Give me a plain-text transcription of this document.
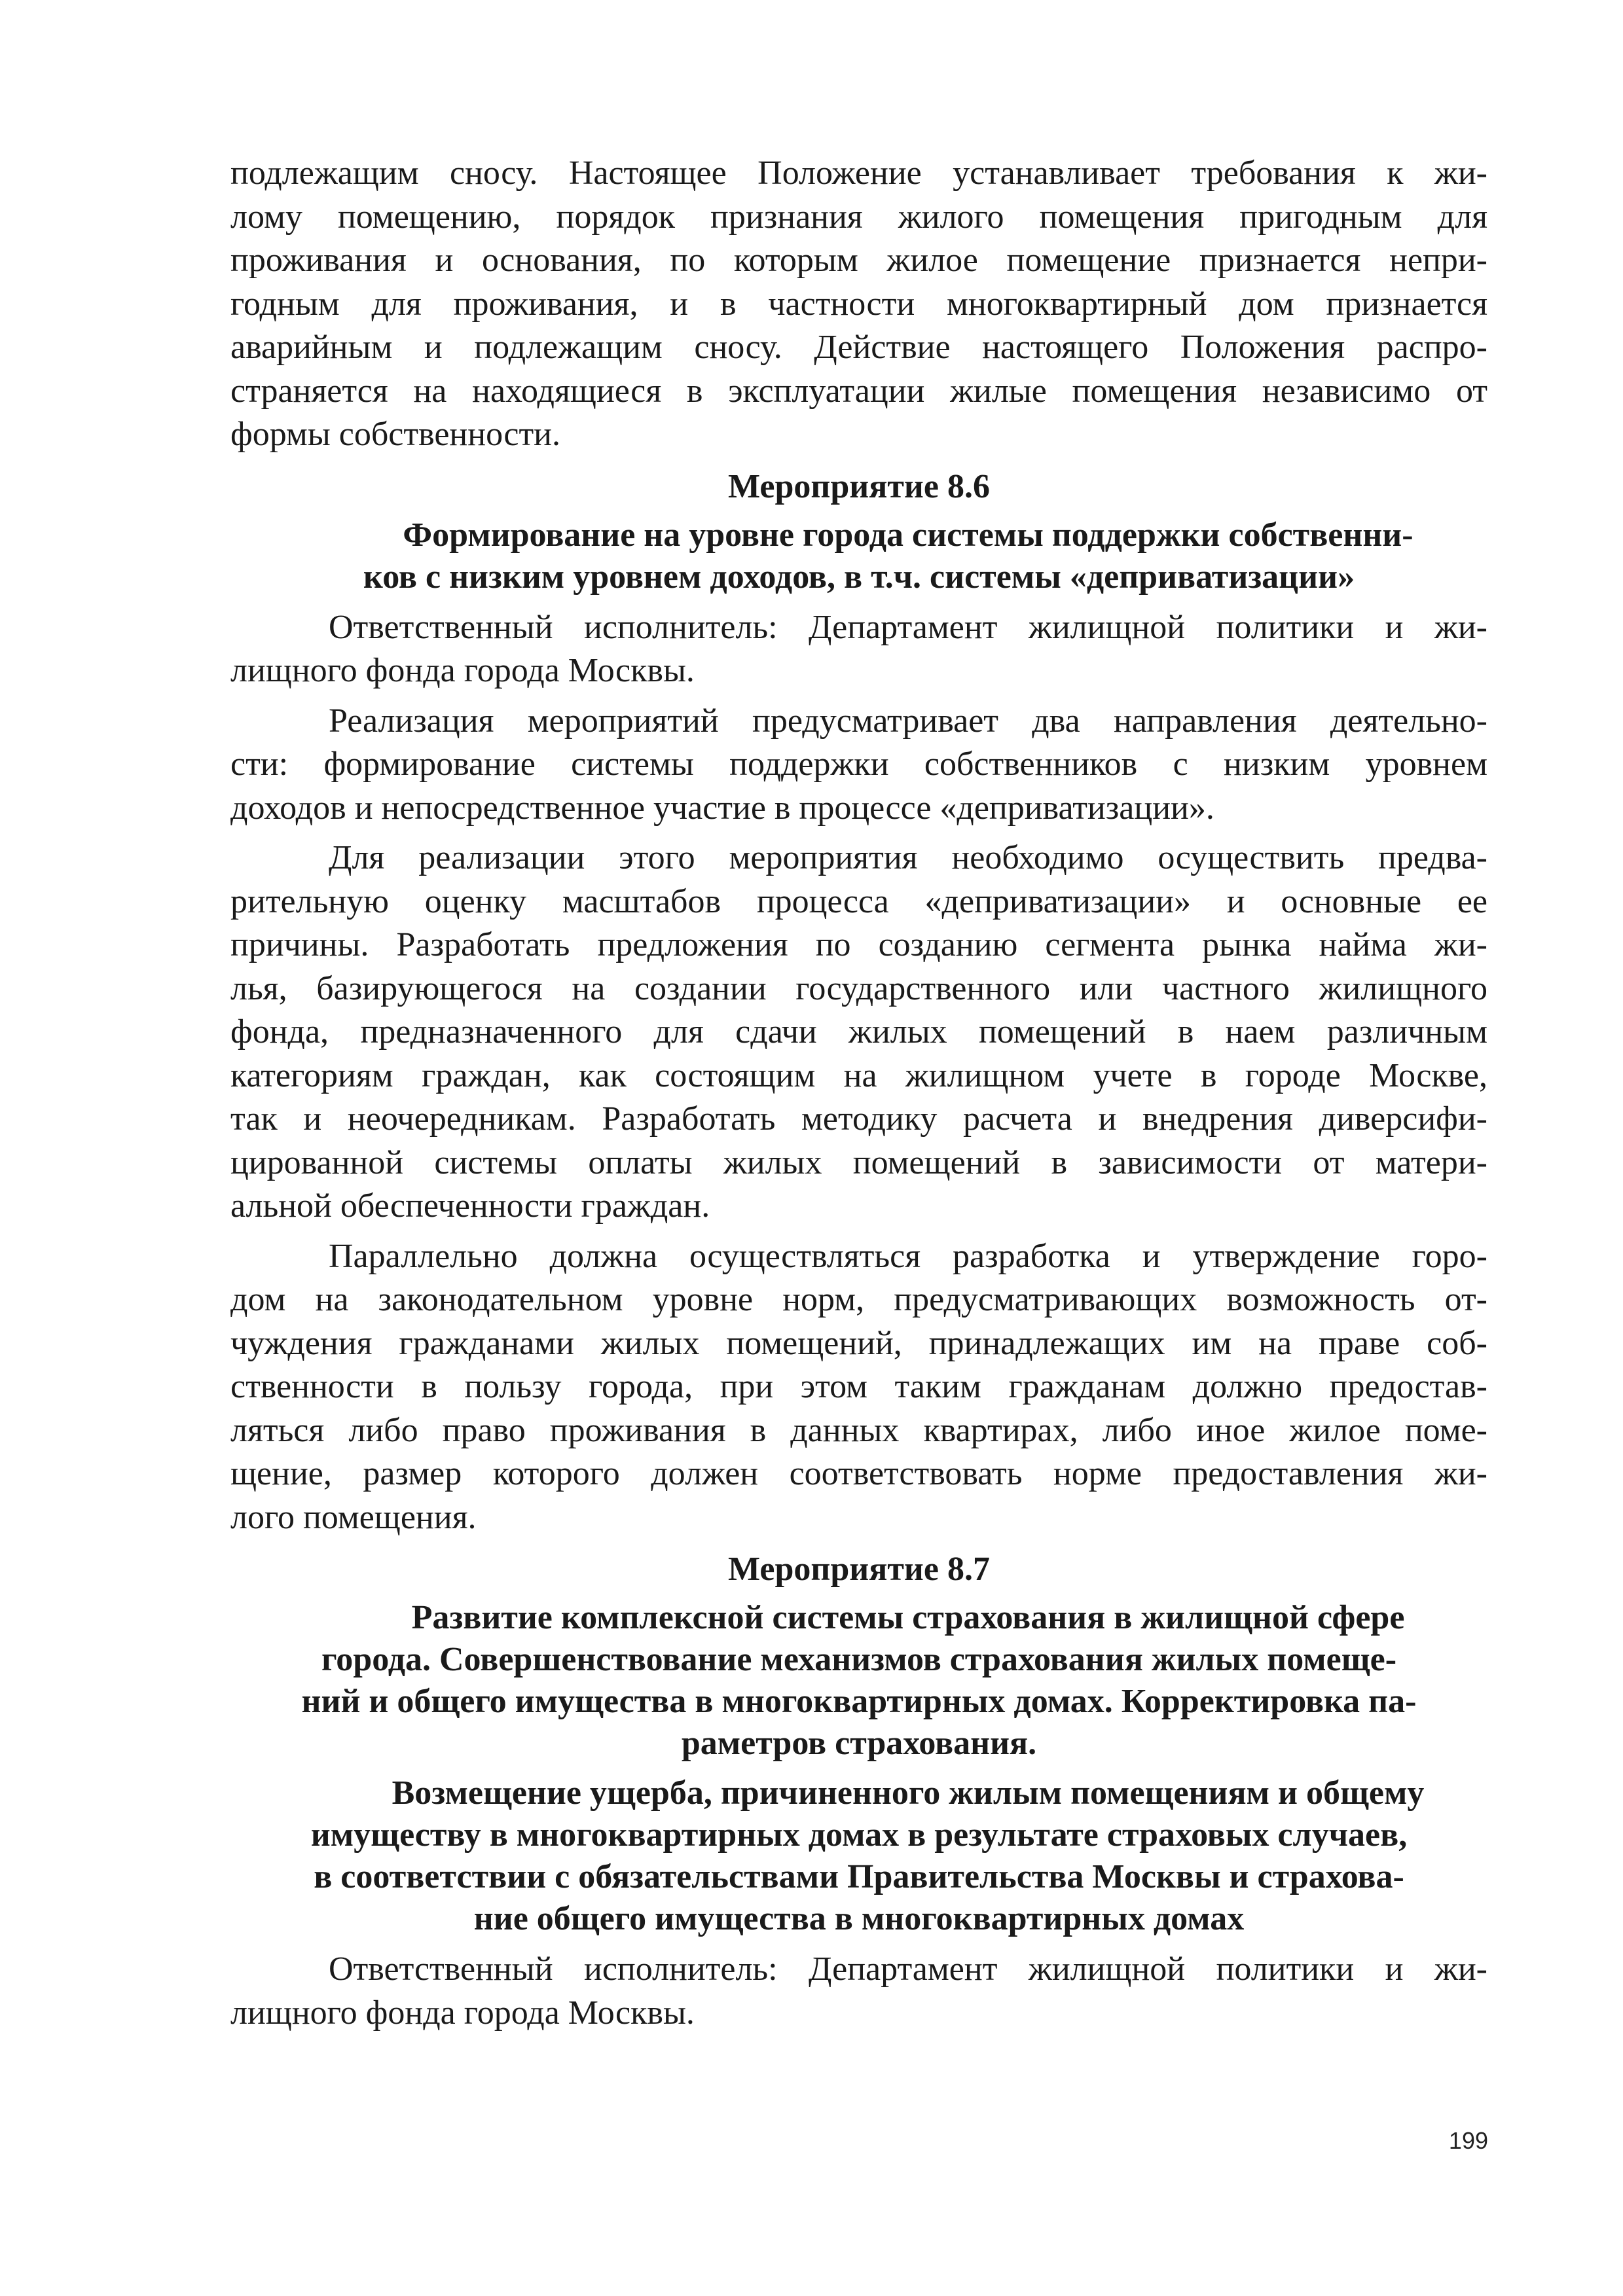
подлежащим сносу. Настоящее Положение устанавливает требования к жи-
лому помещению, порядок признания жилого помещения пригодным для
проживания и основания, по которым жилое помещение признается непри-
годным для проживания, и в частности многоквартирный дом признается
аварийным и подлежащим сносу. Действие настоящего Положения распро-
страняется на находящиеся в эксплуатации жилые помещения независимо от
формы собственности.
Мероприятие 8.6
Формирование на уровне города системы поддержки собственни-
ков с низким уровнем доходов, в т.ч. системы «деприватизации»
Ответственный исполнитель: Департамент жилищной политики и жи-
лищного фонда города Москвы.
Реализация мероприятий предусматривает два направления деятельно-
сти: формирование системы поддержки собственников с низким уровнем
доходов и непосредственное участие в процессе «деприватизации».
Для реализации этого мероприятия необходимо осуществить предва-
рительную оценку масштабов процесса «деприватизации» и основные ее
причины. Разработать предложения по созданию сегмента рынка найма жи-
лья, базирующегося на создании государственного или частного жилищного
фонда, предназначенного для сдачи жилых помещений в наем различным
категориям граждан, как состоящим на жилищном учете в городе Москве,
так и неочередникам. Разработать методику расчета и внедрения диверсифи-
цированной системы оплаты жилых помещений в зависимости от матери-
альной обеспеченности граждан.
Параллельно должна осуществляться разработка и утверждение горо-
дом на законодательном уровне норм, предусматривающих возможность от-
чуждения гражданами жилых помещений, принадлежащих им на праве соб-
ственности в пользу города, при этом таким гражданам должно предостав-
ляться либо право проживания в данных квартирах, либо иное жилое поме-
щение, размер которого должен соответствовать норме предоставления жи-
лого помещения.
Мероприятие 8.7
Развитие комплексной системы страхования в жилищной сфере
города. Совершенствование механизмов страхования жилых помеще-
ний и общего имущества в многоквартирных домах. Корректировка па-
раметров страхования.
Возмещение ущерба, причиненного жилым помещениям и общему
имуществу в многоквартирных домах в результате страховых случаев,
в соответствии с обязательствами Правительства Москвы и страхова-
ние общего имущества в многоквартирных домах
Ответственный исполнитель: Департамент жилищной политики и жи-
лищного фонда города Москвы.
199
